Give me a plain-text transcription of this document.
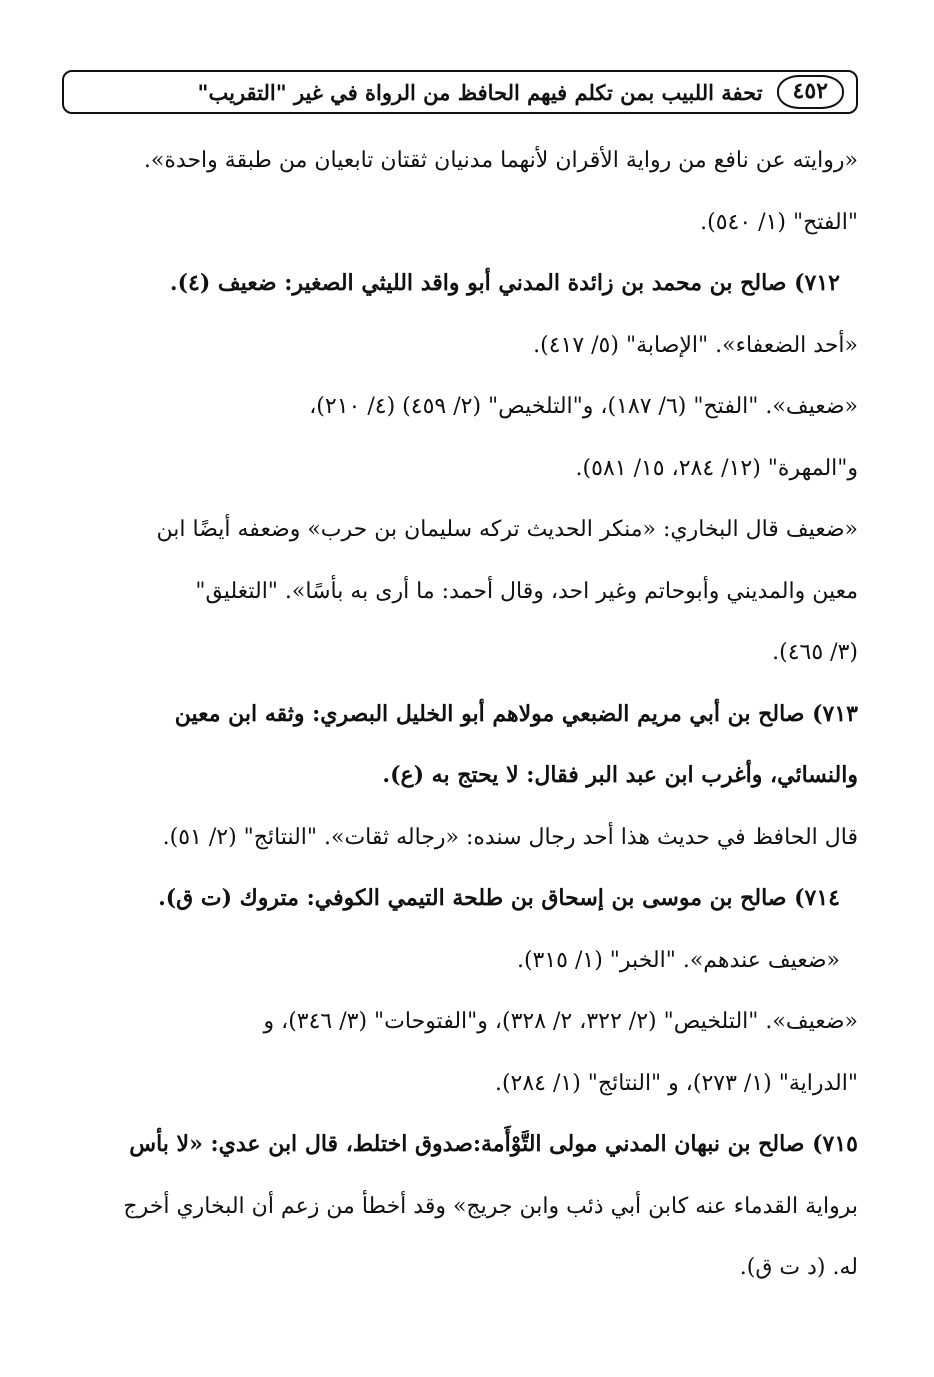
٤٥٢
تحفة اللبيب بمن تكلم فيهم الحافظ من الرواة في غير "التقريب"
«روايته عن نافع من رواية الأقران لأنهما مدنيان ثقتان تابعيان من طبقة واحدة».
"الفتح" (١/ ٥٤٠).
٧١٢) صالح بن محمد بن زائدة المدني أبو واقد الليثي الصغير: ضعيف (٤).
«أحد الضعفاء». "الإصابة" (٥/ ٤١٧).
«ضعيف». "الفتح" (٦/ ١٨٧)، و"التلخيص" (٢/ ٤٥٩) (٤/ ٢١٠)،
و"المهرة" (١٢/ ٢٨٤، ١٥/ ٥٨١).
«ضعيف قال البخاري: «منكر الحديث تركه سليمان بن حرب» وضعفه أيضًا ابن
معين والمديني وأبوحاتم وغير احد، وقال أحمد: ما أرى به بأسًا». "التغليق"
(٣/ ٤٦٥).
٧١٣) صالح بن أبي مريم الضبعي مولاهم أبو الخليل البصري: وثقه ابن معين
والنسائي، وأغرب ابن عبد البر فقال: لا يحتج به (ع).
قال الحافظ في حديث هذا أحد رجال سنده: «رجاله ثقات». "النتائج" (٢/ ٥١).
٧١٤) صالح بن موسى بن إسحاق بن طلحة التيمي الكوفي: متروك (ت ق).
«ضعيف عندهم». "الخبر" (١/ ٣١٥).
«ضعيف». "التلخيص" (٢/ ٣٢٢، ٢/ ٣٢٨)، و"الفتوحات" (٣/ ٣٤٦)، و
"الدراية" (١/ ٢٧٣)، و "النتائج" (١/ ٢٨٤).
٧١٥) صالح بن نبهان المدني مولى التَّوْأَمة:صدوق اختلط، قال ابن عدي: «لا بأس
برواية القدماء عنه كابن أبي ذئب وابن جريج» وقد أخطأ من زعم أن البخاري أخرج
له. (د ت ق).
